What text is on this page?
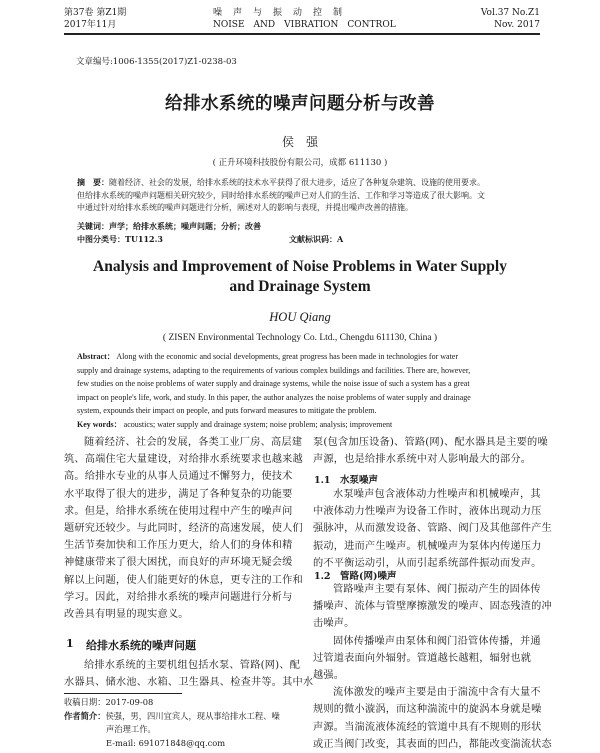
第37卷 第Z1期
2017年11月
噪　声　与　振　动　控　制
NOISE　AND　VIBRATION　CONTROL
Vol.37 No.Z1
Nov. 2017
文章编号:1006-1355(2017)Z1-0238-03
给排水系统的噪声问题分析与改善
侯　强
( 正升环境科技股份有限公司，成都 611130 )
摘　要：随着经济、社会的发展，给排水系统的技术水平获得了很大进步，适应了各种复杂建筑、设施的使用要求。
但给排水系统的噪声问题相关研究较少，同时给排水系统的噪声已对人们的生活、工作和学习等造成了很大影响。文
中通过针对给排水系统的噪声问题进行分析，阐述对人的影响与表现，并提出噪声改善的措施。
关键词：声学；给排水系统；噪声问题；分析；改善
中图分类号：TU112.3	文献标识码：A
Analysis and Improvement of Noise Problems in Water Supply
and Drainage System
HOU Qiang
( ZISEN Environmental Technology Co. Ltd., Chengdu 611130, China )
Abstract： Along with the economic and social developments, great progress has been made in technologies for water
supply and drainage systems, adapting to the requirements of various complex buildings and facilities. There are, however,
few studies on the noise problems of water supply and drainage systems, while the noise issue of such a system has a great
impact on people's life, work, and study. In this paper, the author analyzes the noise problems of water supply and drainage
system, expounds their impact on people, and puts forward measures to mitigate the problem.
Key words： acoustics; water supply and drainage system; noise problem; analysis; improvement
随着经济、社会的发展，各类工业厂房、高层建
筑、高端住宅大量建设，对给排水系统要求也越来越
高。给排水专业的从事人员通过不懈努力，使技术
水平取得了很大的进步，满足了各种复杂的功能要
求。但是，给排水系统在使用过程中产生的噪声问
题研究还较少。与此同时，经济的高速发展，使人们
生活节奏加快和工作压力更大，给人们的身体和精
神健康带来了很大困扰，而良好的声环境无疑会缓
解以上问题，使人们能更好的休息，更专注的工作和
学习。因此，对给排水系统的噪声问题进行分析与
改善具有明显的现实意义。
1 给排水系统的噪声问题
给排水系统的主要机组包括水泵、管路(网)、配
水器具、储水池、水箱、卫生器具、检查井等。其中水
收稿日期：2017-09-08
作者简介：侯强，男，四川宜宾人，现从事给排水工程、噪
声治理工作。
E-mail: 691071848@qq.com
泵(包含加压设备)、管路(网)、配水器具是主要的噪
声源，也是给排水系统中对人影响最大的部分。
1.1　水泵噪声
水泵噪声包含液体动力性噪声和机械噪声，其
中液体动力性噪声为设备工作时，液体出现动力压
强脉冲，从而激发设备、管路、阀门及其他部件产生
振动，进而产生噪声。机械噪声为泵体内传递压力
的不平衡运动引，从而引起系统部件振动而发声。
1.2　管路(网)噪声
管路噪声主要有泵体、阀门振动产生的固体传
播噪声、流体与管壁摩擦激发的噪声、固态残渣的冲
击噪声。
固体传播噪声由泵体和阀门沿管体传播，并通
过管道表面向外辐射。管道越长越粗，辐射也就
越强。
流体激发的噪声主要是由于湍流中含有大量不
规则的微小漩涡，而这种湍流中的旋涡本身就是噪
声源。当湍流液体流经的管道中具有不规则的形状
或正当阀门改变，其表面的凹凸，都能改变湍流状态
